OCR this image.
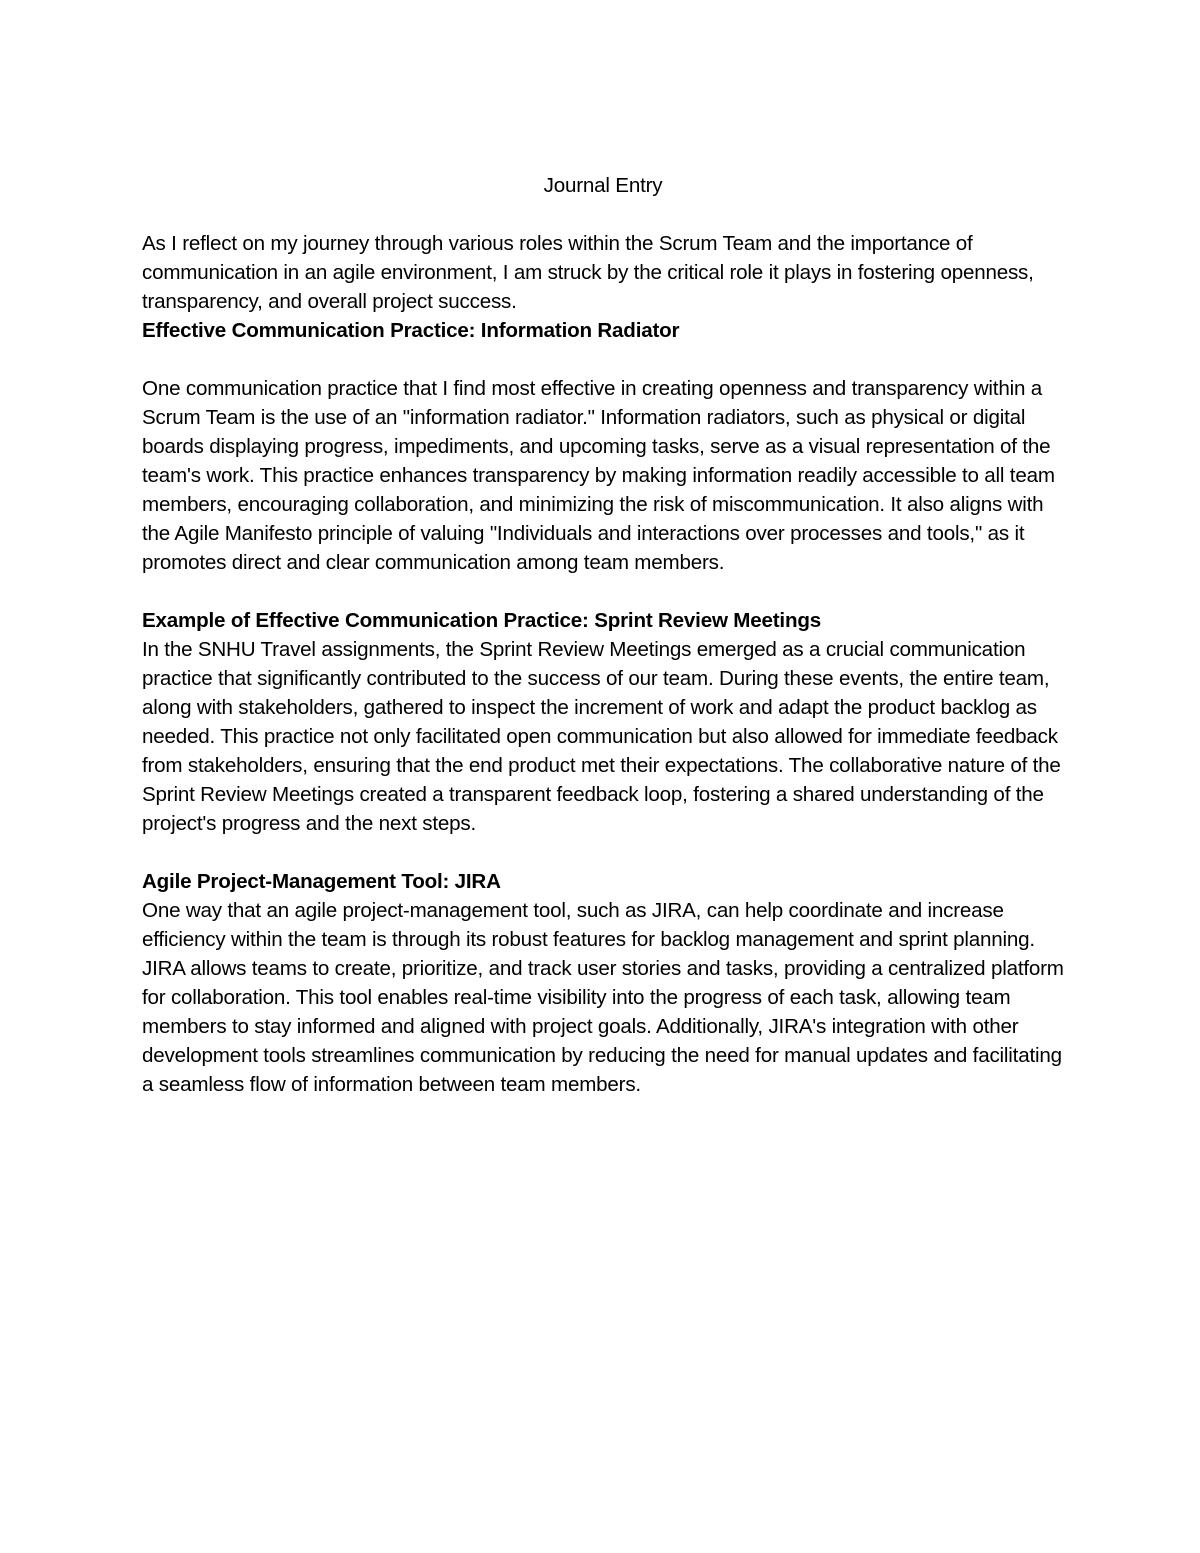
Journal Entry

As I reflect on my journey through various roles within the Scrum Team and the importance of communication in an agile environment, I am struck by the critical role it plays in fostering openness, transparency, and overall project success.

Effective Communication Practice: Information Radiator

One communication practice that I find most effective in creating openness and transparency within a Scrum Team is the use of an "information radiator." Information radiators, such as physical or digital boards displaying progress, impediments, and upcoming tasks, serve as a visual representation of the team's work. This practice enhances transparency by making information readily accessible to all team members, encouraging collaboration, and minimizing the risk of miscommunication. It also aligns with the Agile Manifesto principle of valuing "Individuals and interactions over processes and tools," as it promotes direct and clear communication among team members.

Example of Effective Communication Practice: Sprint Review Meetings

In the SNHU Travel assignments, the Sprint Review Meetings emerged as a crucial communication practice that significantly contributed to the success of our team. During these events, the entire team, along with stakeholders, gathered to inspect the increment of work and adapt the product backlog as needed. This practice not only facilitated open communication but also allowed for immediate feedback from stakeholders, ensuring that the end product met their expectations. The collaborative nature of the Sprint Review Meetings created a transparent feedback loop, fostering a shared understanding of the project's progress and the next steps.

Agile Project-Management Tool: JIRA

One way that an agile project-management tool, such as JIRA, can help coordinate and increase efficiency within the team is through its robust features for backlog management and sprint planning. JIRA allows teams to create, prioritize, and track user stories and tasks, providing a centralized platform for collaboration. This tool enables real-time visibility into the progress of each task, allowing team members to stay informed and aligned with project goals. Additionally, JIRA's integration with other development tools streamlines communication by reducing the need for manual updates and facilitating a seamless flow of information between team members.
